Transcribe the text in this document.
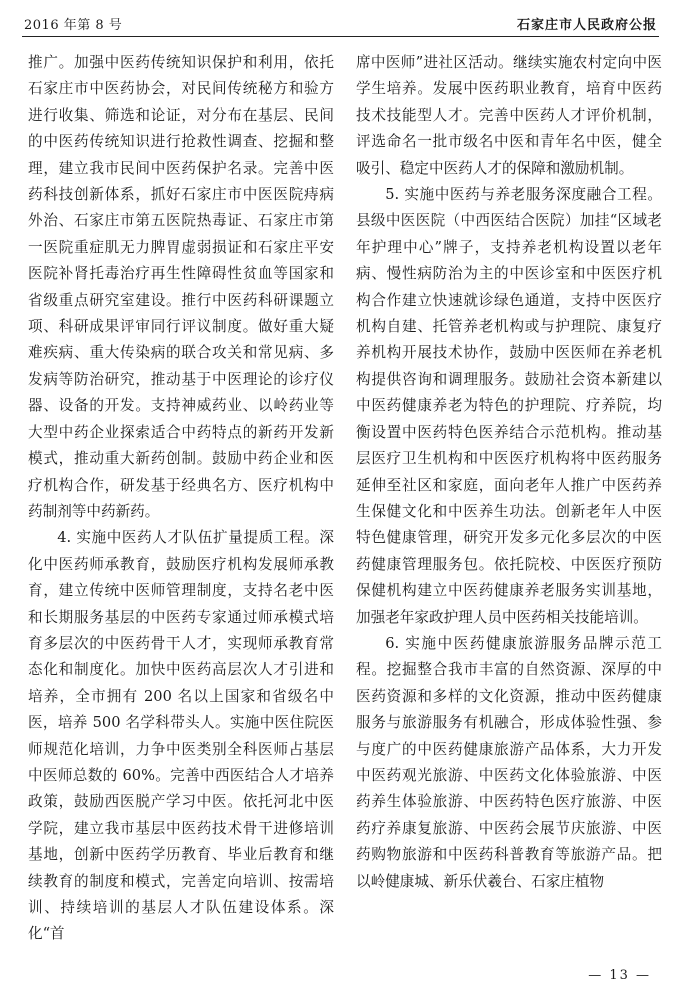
2016 年第 8 号	石家庄市人民政府公报

推广。加强中医药传统知识保护和利用，依托石家庄市中医药协会，对民间传统秘方和验方进行收集、筛选和论证，对分布在基层、民间的中医药传统知识进行抢救性调查、挖掘和整理，建立我市民间中医药保护名录。完善中医药科技创新体系，抓好石家庄市中医医院痔病外治、石家庄市第五医院热毒证、石家庄市第一医院重症肌无力脾胃虚弱损证和石家庄平安医院补肾托毒治疗再生性障碍性贫血等国家和省级重点研究室建设。推行中医药科研课题立项、科研成果评审同行评议制度。做好重大疑难疾病、重大传染病的联合攻关和常见病、多发病等防治研究，推动基于中医理论的诊疗仪器、设备的开发。支持神威药业、以岭药业等大型中药企业探索适合中药特点的新药开发新模式，推动重大新药创制。鼓励中药企业和医疗机构合作，研发基于经典名方、医疗机构中药制剂等中药新药。

4. 实施中医药人才队伍扩量提质工程。深化中医药师承教育，鼓励医疗机构发展师承教育，建立传统中医师管理制度，支持名老中医和长期服务基层的中医药专家通过师承模式培育多层次的中医药骨干人才，实现师承教育常态化和制度化。加快中医药高层次人才引进和培养，全市拥有 200 名以上国家和省级名中医，培养 500 名学科带头人。实施中医住院医师规范化培训，力争中医类别全科医师占基层中医师总数的 60%。完善中西医结合人才培养政策，鼓励西医脱产学习中医。依托河北中医学院，建立我市基层中医药技术骨干进修培训基地，创新中医药学历教育、毕业后教育和继续教育的制度和模式，完善定向培训、按需培训、持续培训的基层人才队伍建设体系。深化“首

席中医师”进社区活动。继续实施农村定向中医学生培养。发展中医药职业教育，培育中医药技术技能型人才。完善中医药人才评价机制，评选命名一批市级名中医和青年名中医，健全吸引、稳定中医药人才的保障和激励机制。

5. 实施中医药与养老服务深度融合工程。县级中医医院（中西医结合医院）加挂“区域老年护理中心”牌子，支持养老机构设置以老年病、慢性病防治为主的中医诊室和中医医疗机构合作建立快速就诊绿色通道，支持中医医疗机构自建、托管养老机构或与护理院、康复疗养机构开展技术协作，鼓励中医医师在养老机构提供咨询和调理服务。鼓励社会资本新建以中医药健康养老为特色的护理院、疗养院，均衡设置中医药特色医养结合示范机构。推动基层医疗卫生机构和中医医疗机构将中医药服务延伸至社区和家庭，面向老年人推广中医药养生保健文化和中医养生功法。创新老年人中医特色健康管理，研究开发多元化多层次的中医药健康管理服务包。依托院校、中医医疗预防保健机构建立中医药健康养老服务实训基地，加强老年家政护理人员中医药相关技能培训。

6. 实施中医药健康旅游服务品牌示范工程。挖掘整合我市丰富的自然资源、深厚的中医药资源和多样的文化资源，推动中医药健康服务与旅游服务有机融合，形成体验性强、参与度广的中医药健康旅游产品体系，大力开发中医药观光旅游、中医药文化体验旅游、中医药养生体验旅游、中医药特色医疗旅游、中医药疗养康复旅游、中医药会展节庆旅游、中医药购物旅游和中医药科普教育等旅游产品。把以岭健康城、新乐伏羲台、石家庄植物

— 13 —
